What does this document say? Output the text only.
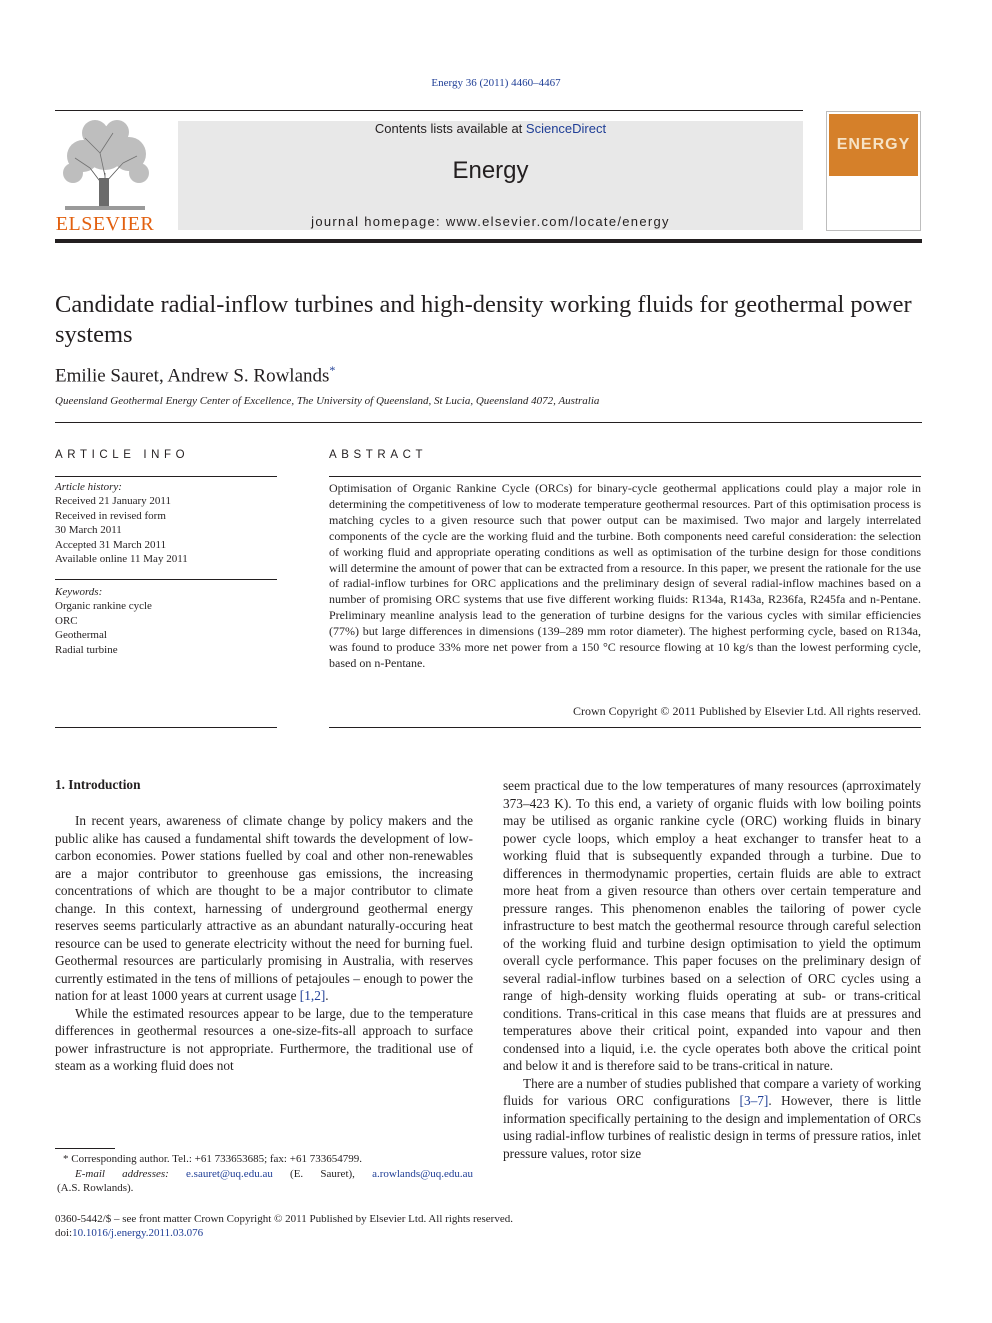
Energy 36 (2011) 4460–4467
ELSEVIER
Contents lists available at ScienceDirect
Energy
journal homepage: www.elsevier.com/locate/energy
ENERGY
Candidate radial-inflow turbines and high-density working fluids for geothermal power systems
Emilie Sauret, Andrew S. Rowlands*
Queensland Geothermal Energy Center of Excellence, The University of Queensland, St Lucia, Queensland 4072, Australia
ARTICLE INFO
Article history:
Received 21 January 2011
Received in revised form
30 March 2011
Accepted 31 March 2011
Available online 11 May 2011
Keywords:
Organic rankine cycle
ORC
Geothermal
Radial turbine
ABSTRACT
Optimisation of Organic Rankine Cycle (ORCs) for binary-cycle geothermal applications could play a major role in determining the competitiveness of low to moderate temperature geothermal resources. Part of this optimisation process is matching cycles to a given resource such that power output can be maximised. Two major and largely interrelated components of the cycle are the working fluid and the turbine. Both components need careful consideration: the selection of working fluid and appropriate operating conditions as well as optimisation of the turbine design for those conditions will determine the amount of power that can be extracted from a resource. In this paper, we present the rationale for the use of radial-inflow turbines for ORC applications and the preliminary design of several radial-inflow machines based on a number of promising ORC systems that use five different working fluids: R134a, R143a, R236fa, R245fa and n-Pentane. Preliminary meanline analysis lead to the generation of turbine designs for the various cycles with similar efficiencies (77%) but large differences in dimensions (139–289 mm rotor diameter). The highest performing cycle, based on R134a, was found to produce 33% more net power from a 150 °C resource flowing at 10 kg/s than the lowest performing cycle, based on n-Pentane.
Crown Copyright © 2011 Published by Elsevier Ltd. All rights reserved.
1. Introduction

In recent years, awareness of climate change by policy makers and the public alike has caused a fundamental shift towards the development of low-carbon economies. Power stations fuelled by coal and other non-renewables are a major contributor to greenhouse gas emissions, the increasing concentrations of which are thought to be a major contributor to climate change. In this context, harnessing of underground geothermal energy reserves seems particularly attractive as an abundant naturally-occuring heat resource can be used to generate electricity without the need for burning fuel. Geothermal resources are particularly promising in Australia, with reserves currently estimated in the tens of millions of petajoules – enough to power the nation for at least 1000 years at current usage [1,2].

While the estimated resources appear to be large, due to the temperature differences in geothermal resources a one-size-fits-all approach to surface power infrastructure is not appropriate. Furthermore, the traditional use of steam as a working fluid does not

seem practical due to the low temperatures of many resources (aprroximately 373–423 K). To this end, a variety of organic fluids with low boiling points may be utilised as organic rankine cycle (ORC) working fluids in binary power cycle loops, which employ a heat exchanger to transfer heat to a working fluid that is subsequently expanded through a turbine. Due to differences in thermodynamic properties, certain fluids are able to extract more heat from a given resource than others over certain temperature and pressure ranges. This phenomenon enables the tailoring of power cycle infrastructure to best match the geothermal resource through careful selection of the working fluid and turbine design optimisation to yield the optimum overall cycle performance. This paper focuses on the preliminary design of several radial-inflow turbines based on a selection of ORC cycles using a range of high-density working fluids operating at sub- or trans-critical conditions. Trans-critical in this case means that fluids are at pressures and temperatures above their critical point, expanded into vapour and then condensed into a liquid, i.e. the cycle operates both above the critical point and below it and is therefore said to be trans-critical in nature.

There are a number of studies published that compare a variety of working fluids for various ORC configurations [3–7]. However, there is little information specifically pertaining to the design and implementation of ORCs using radial-inflow turbines of realistic design in terms of pressure ratios, inlet pressure values, rotor size

* Corresponding author. Tel.: +61 733653685; fax: +61 733654799.
E-mail addresses: e.sauret@uq.edu.au (E. Sauret), a.rowlands@uq.edu.au
(A.S. Rowlands).
0360-5442/$ – see front matter Crown Copyright © 2011 Published by Elsevier Ltd. All rights reserved.
doi:10.1016/j.energy.2011.03.076
